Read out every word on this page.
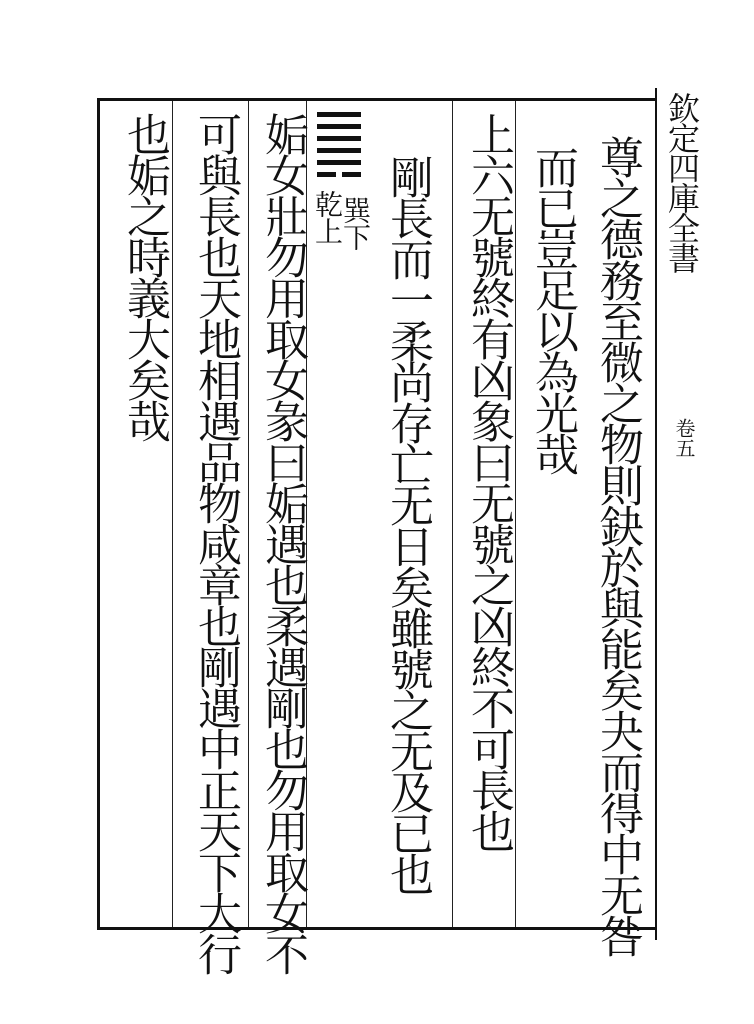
欽定四庫全書
卷五
尊之德務至微之物則鈌於與能矣夬而得中无咎
而已豈足以為光哉
上六无號終有凶象曰无號之凶終不可長也
剛長而一柔尚存亡无日矣雖號之无及已也
姤女壯勿用取女彖曰姤遇也柔遇剛也勿用取女不
可與長也天地相遇品物咸章也剛遇中正天下大行
也姤之時義大矣哉	巽下
乾上
